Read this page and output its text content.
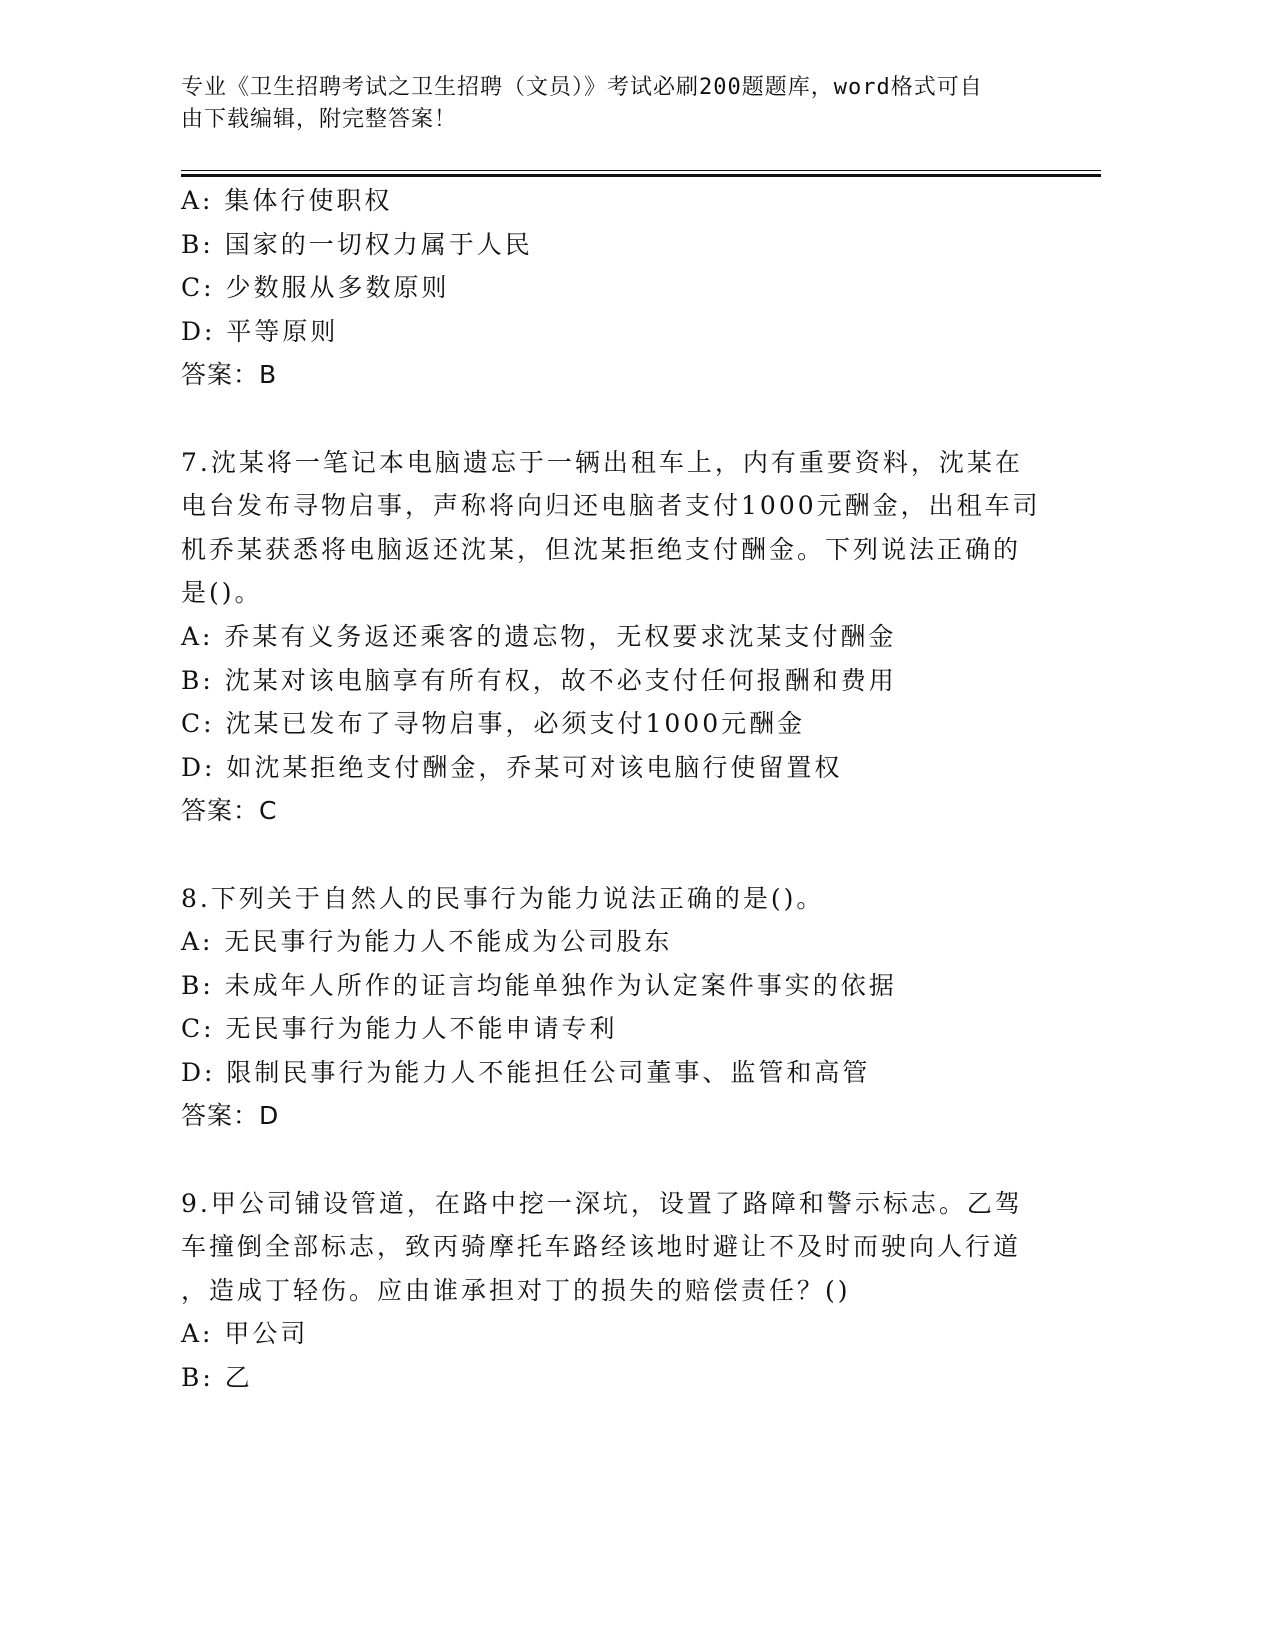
专业《卫生招聘考试之卫生招聘（文员）》考试必刷200题题库，word格式可自
由下载编辑，附完整答案！
A: 集体行使职权
B: 国家的一切权力属于人民
C: 少数服从多数原则
D: 平等原则
答案：B
7.沈某将一笔记本电脑遗忘于一辆出租车上，内有重要资料，沈某在
电台发布寻物启事，声称将向归还电脑者支付1000元酬金，出租车司
机乔某获悉将电脑返还沈某，但沈某拒绝支付酬金。下列说法正确的
是()。
A: 乔某有义务返还乘客的遗忘物，无权要求沈某支付酬金
B: 沈某对该电脑享有所有权，故不必支付任何报酬和费用
C: 沈某已发布了寻物启事，必须支付1000元酬金
D: 如沈某拒绝支付酬金，乔某可对该电脑行使留置权
答案：C
8.下列关于自然人的民事行为能力说法正确的是()。
A: 无民事行为能力人不能成为公司股东
B: 未成年人所作的证言均能单独作为认定案件事实的依据
C: 无民事行为能力人不能申请专利
D: 限制民事行为能力人不能担任公司董事、监管和高管
答案：D
9.甲公司铺设管道，在路中挖一深坑，设置了路障和警示标志。乙驾
车撞倒全部标志，致丙骑摩托车路经该地时避让不及时而驶向人行道
，造成丁轻伤。应由谁承担对丁的损失的赔偿责任？()
A: 甲公司
B: 乙
